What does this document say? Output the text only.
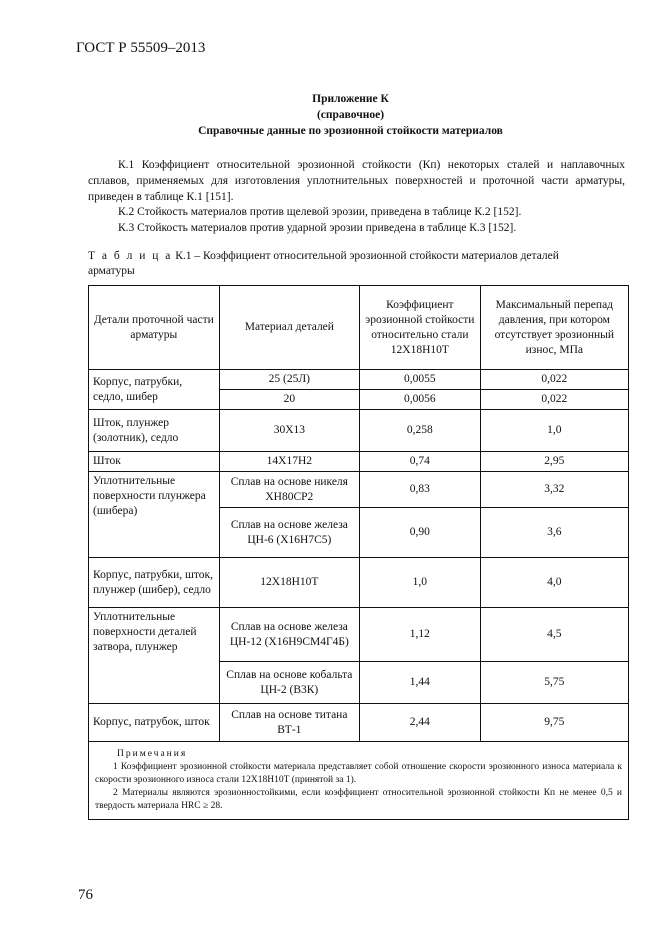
ГОСТ Р 55509–2013
Приложение К
(справочное)
Справочные данные по эрозионной стойкости материалов
К.1 Коэффициент относительной эрозионной стойкости (Кп) некоторых сталей и наплавочных сплавов, применяемых для изготовления уплотнительных поверхностей и проточной части арматуры, приведен в таблице К.1 [151].
К.2 Стойкость материалов против щелевой эрозии, приведена в таблице К.2 [152].
К.3 Стойкость материалов против ударной эрозии приведена в таблице К.3 [152].
Т а б л и ц а К.1 – Коэффициент относительной эрозионной стойкости материалов деталей арматуры
Детали проточной части арматуры	Материал деталей	Коэффициент эрозионной стойкости относительно стали 12Х18Н10Т	Максимальный перепад давления, при котором отсутствует эрозионный износ, МПа
Корпус, патрубки, седло, шибер	25 (25Л)	0,0055	0,022
	20	0,0056	0,022
Шток, плунжер (золотник), седло	30Х13	0,258	1,0
Шток	14Х17Н2	0,74	2,95
Уплотнительные поверхности плунжера (шибера)	Сплав на основе никеля ХН80СР2	0,83	3,32
	Сплав на основе железа ЦН-6 (Х16Н7С5)	0,90	3,6
Корпус, патрубки, шток, плунжер (шибер), седло	12Х18Н10Т	1,0	4,0
Уплотнительные поверхности деталей затвора, плунжер	Сплав на основе железа ЦН-12 (Х16Н9СМ4Г4Б)	1,12	4,5
	Сплав на основе кобальта ЦН-2 (В3К)	1,44	5,75
Корпус, патрубок, шток	Сплав на основе титана ВТ-1	2,44	9,75

Примечания
1 Коэффициент эрозионной стойкости материала представляет собой отношение скорости эрозионного износа материала к скорости эрозионного износа стали 12Х18Н10Т (принятой за 1).
2 Материалы являются эрозионностойкими, если коэффициент относительной эрозионной стойкости Кп не менее 0,5 и твердость материала HRC ≥ 28.			
76
